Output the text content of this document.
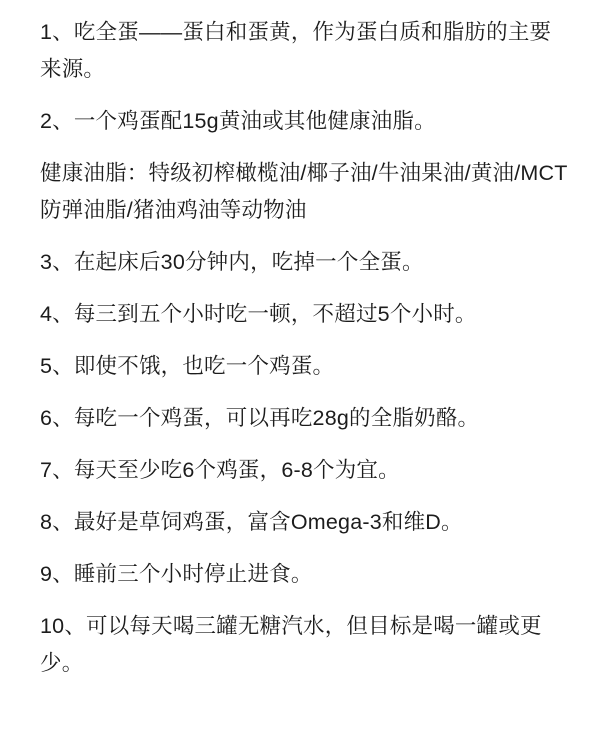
1、吃全蛋——蛋白和蛋黄，作为蛋白质和脂肪的主要来源。

2、一个鸡蛋配15g黄油或其他健康油脂。

健康油脂：特级初榨橄榄油/椰子油/牛油果油/黄油/MCT防弹油脂/猪油鸡油等动物油

3、在起床后30分钟内，吃掉一个全蛋。

4、每三到五个小时吃一顿，不超过5个小时。

5、即使不饿，也吃一个鸡蛋。

6、每吃一个鸡蛋，可以再吃28g的全脂奶酪。

7、每天至少吃6个鸡蛋，6-8个为宜。

8、最好是草饲鸡蛋，富含Omega-3和维D。

9、睡前三个小时停止进食。

10、可以每天喝三罐无糖汽水，但目标是喝一罐或更少。
